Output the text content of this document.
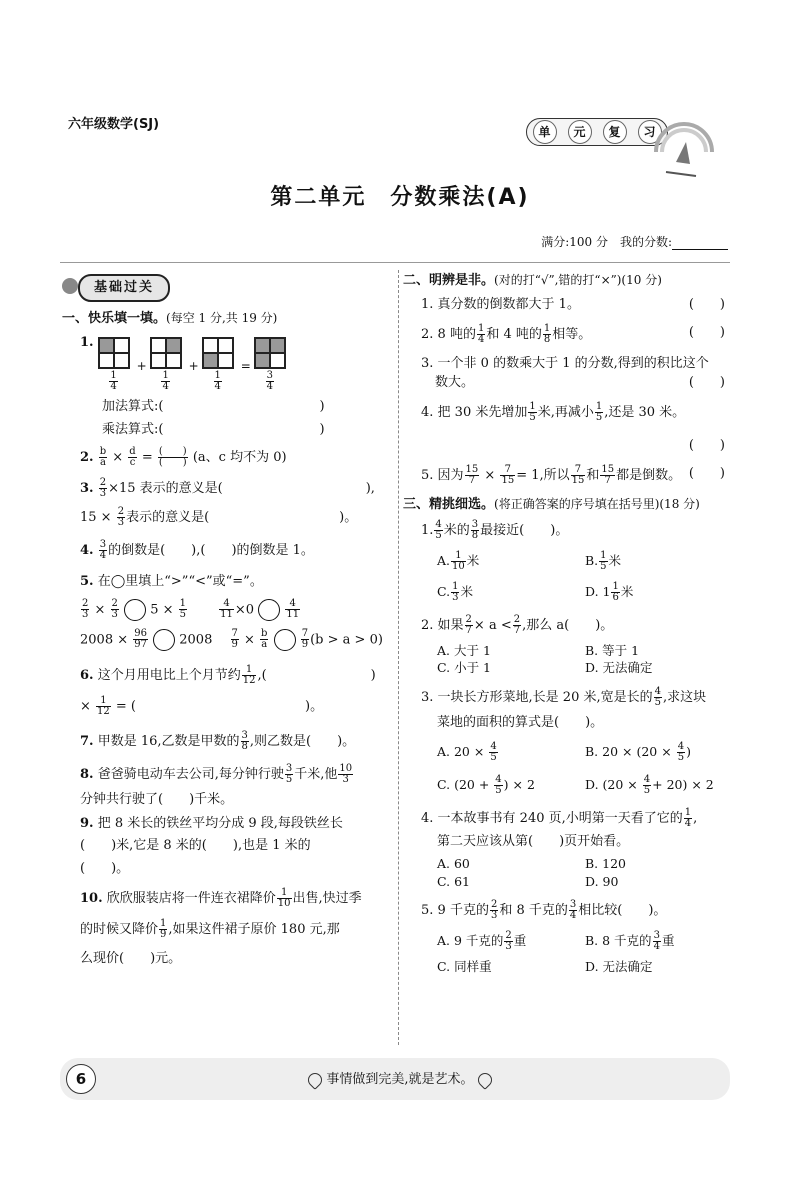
六年级数学(SJ)	单	元	复	习
第二单元　分数乘法(A)
满分:100 分　我的分数:
基础过关
一、快乐填一填。(每空 1 分,共 19 分)
1.
$\frac{1}{4}$
+
$\frac{1}{4}$
+
$\frac{1}{4}$
=
$\frac{3}{4}$
加法算式:(　　　　　　　　　　　　)
乘法算式:(　　　　　　　　　　　　)
2. $\frac{b}{a} \times \frac{d}{c} = \frac{( )}{( )} (a$、c 均不为 0)
3. $\frac{2}{3} \times 15$ 表示的意义是(　　　　　　　　　　　),
$15 \times \frac{2}{3}$ 表示的意义是(　　　　　　　　　　)。
4. $\frac{3}{4}$ 的倒数是(　　),(　　)的倒数是 1。
5. 在◯里填上“>”“<”或“=”。
$\frac{2}{3} \times \frac{2}{3} 5 \times \frac{1}{5}$
　　	$\frac{4}{11} \times 0$	$\frac{4}{11}$
$2008 \times \frac{96}{97} 2008$ 　 $\frac{7}{9} \times \frac{b}{a}$
	$\frac{7}{9} (b > a > 0)$
6. 这个月用电比上个月节约 $\frac{1}{12}$ ,(　　　　　　　　)
× $\frac{1}{12}$ = (　　　　　　　　　　　　　)。
7. 甲数是 16,乙数是甲数的 $\frac{3}{8}$ ,则乙数是(　　)。
8. 爸爸骑电动车去公司,每分钟行驶 $\frac{3}{5}$ 千米,他 $\frac{10}{3}$
分钟共行驶了(　　)千米。
9. 把 8 米长的铁丝平均分成 9 段,每段铁丝长
(　　)米,它是 8 米的(　　),也是 1 米的
(　　)。
10. 欣欣服装店将一件连衣裙降价 $\frac{1}{10}$ 出售,快过季
的时候又降价 $\frac{1}{9}$ ,如果这件裙子原价 180 元,那
么现价(　　)元。
二、明辨是非。(对的打“√”,错的打“×”)(10 分)
1. 真分数的倒数都大于 1。	(　　)
2. 8 吨的 $\frac{1}{4}$ 和 4 吨的 $\frac{1}{8}$ 相等。	(　　)
3. 一个非 0 的数乘大于 1 的分数,得到的积比这个
数大。	(　　)
4. 把 30 米先增加 $\frac{1}{5}$ 米,再减小 $\frac{1}{5}$ ,还是 30 米。
(　　)
5. 因为 $\frac{15}{7} \times \frac{7}{15} = 1$,所以 $\frac{7}{15}$ 和 $\frac{15}{7}$ 都是倒数。 (　　)
三、精挑细选。(将正确答案的序号填在括号里)(18 分)
1. $\frac{4}{5}$ 米的 $\frac{3}{8}$ 最接近(　　)。
A. $\frac{1}{10}$ 米	B. $\frac{1}{5}$ 米
C. $\frac{1}{3}$ 米	D. $1 \frac{1}{6}$ 米
2. 如果 $\frac{2}{7} \times a < \frac{2}{7}$ ,那么 a(　　)。
A. 大于 1	B. 等于 1
C. 小于 1	D. 无法确定
3. 一块长方形菜地,长是 20 米,宽是长的 $\frac{4}{5}$ ,求这块
菜地的面积的算式是(　　)。
A. $20 \times \frac{4}{5}$	B. $20 \times (20 \times \frac{4}{5}$ )
C. ($20 + \frac{4}{5}$ ) × 2	D. $(20 \times \frac{4}{5} + 20) \times 2$
4. 一本故事书有 240 页,小明第一天看了它的 $\frac{1}{4}$ ,
第二天应该从第(　　)页开始看。
A. 60	B. 120
C. 61	D. 90
5. 9 千克的 $\frac{2}{3}$ 和 8 千克的 $\frac{3}{4}$ 相比较(　　)。
A. 9 千克的 $\frac{2}{3}$ 重	B. 8 千克的 $\frac{3}{4}$ 重
C. 同样重	D. 无法确定
6	事情做到完美,就是艺术。
